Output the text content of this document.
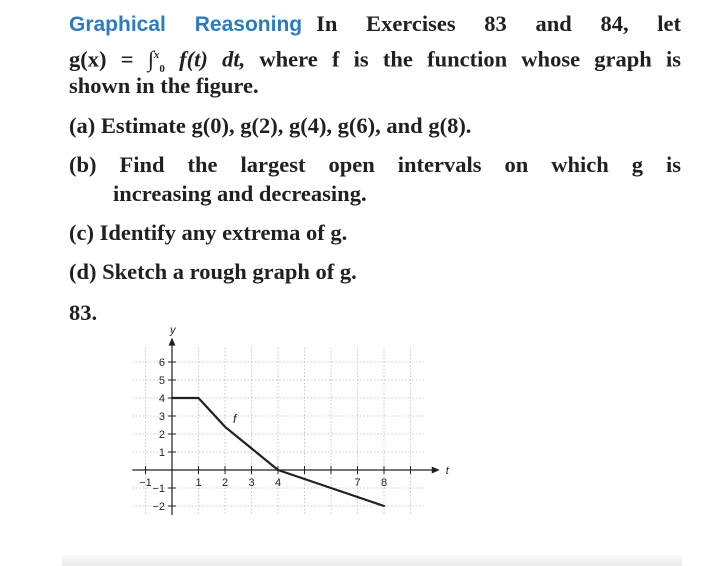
Graphical Reasoning In Exercises 83 and 84, let
g(x) = ∫$^x_0$ f(t) dt, where f is the function whose graph is
shown in the figure.
(a) Estimate g(0), g(2), g(4), g(6), and g(8).
(b) Find the largest open intervals on which g is
increasing and decreasing.
(c) Identify any extrema of g.
(d) Sketch a rough graph of g.
83.
−1	1 2 3 4	7 8
6
5
4
3
2
1
−1
−2
y
t
f
